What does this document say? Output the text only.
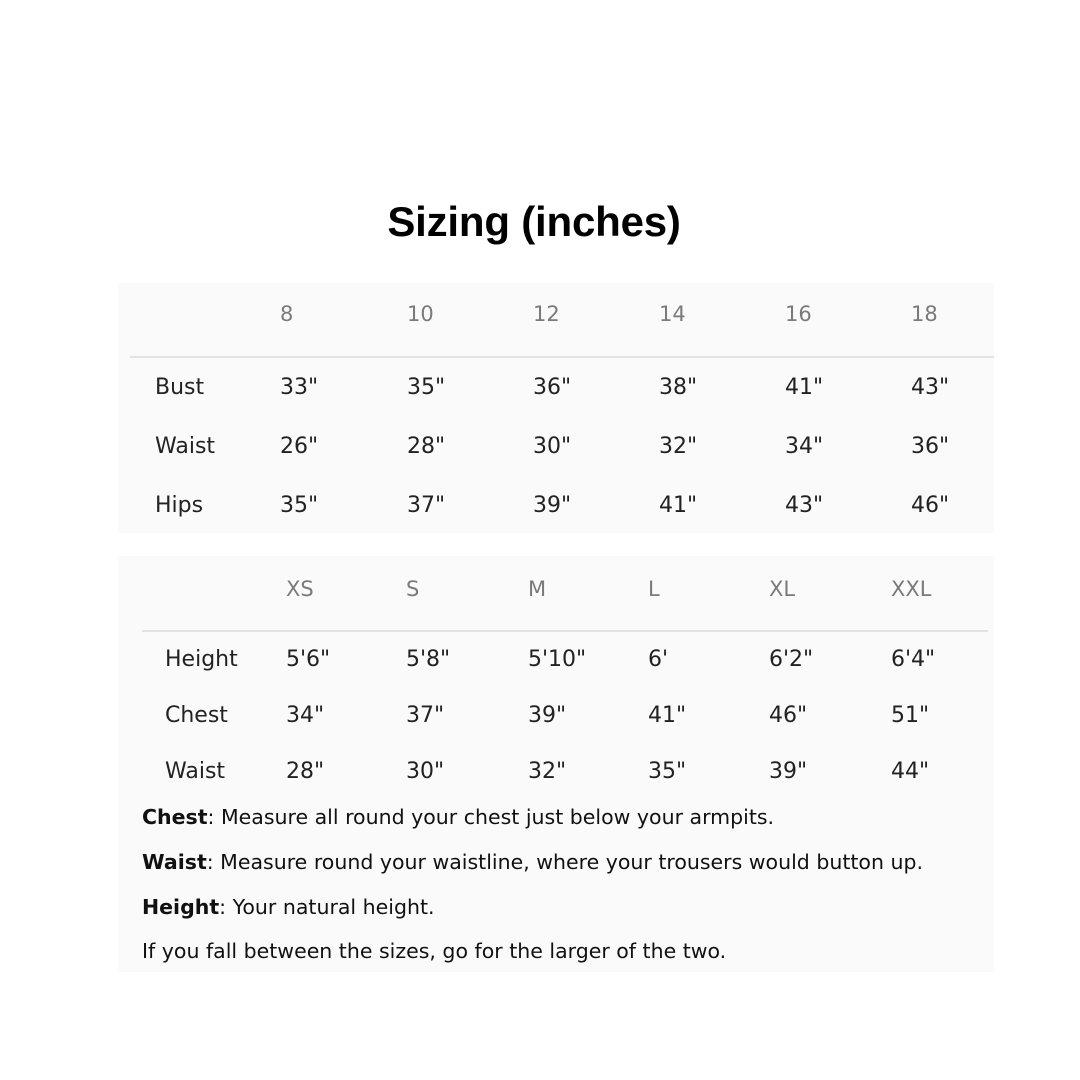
Sizing (inches)
8	10	12	14	16	18
Bust	33"	35"	36"	38"	41"	43"
Waist	26"	28"	30"	32"	34"	36"
Hips	35"	37"	39"	41"	43"	46"
XS	S	M	L	XL	XXL
Height 5'6"	5'8"	5'10"	6'	6'2"	6'4"
Chest	34"	37"	39"	41"	46"	51"
Waist	28"	30"	32"	35"	39"	44"
Chest: Measure all round your chest just below your armpits.
Waist: Measure round your waistline, where your trousers would button up.
Height: Your natural height.
If you fall between the sizes, go for the larger of the two.
